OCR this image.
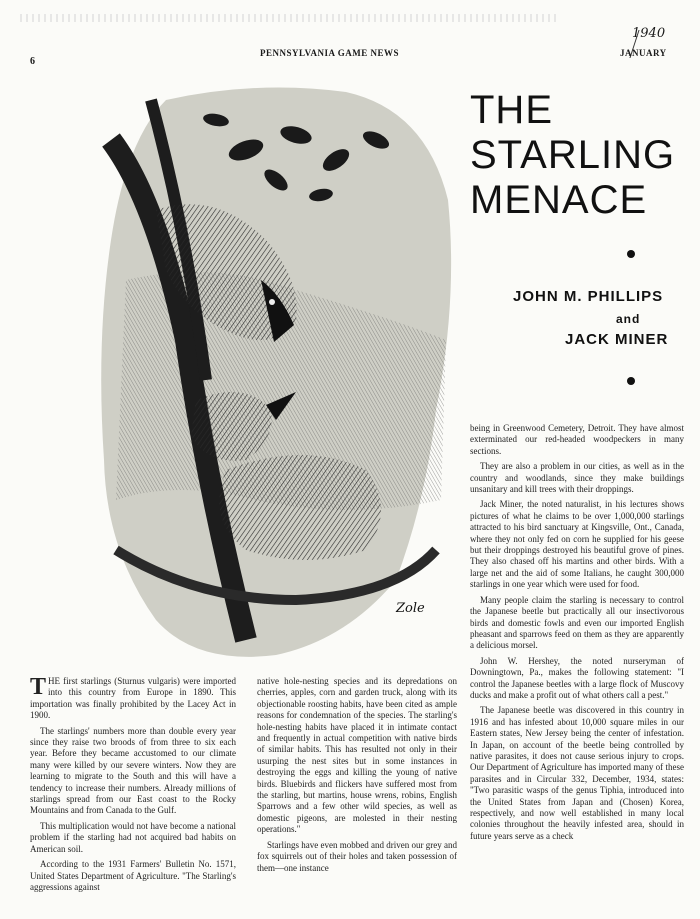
6
PENNSYLVANIA GAME NEWS
1940
JANUARY
Zole
THE
STARLING
MENACE
JOHN M. PHILLIPS
and
JACK MINER

being in Greenwood Cemetery, Detroit. They have almost exterminated our red-headed woodpeckers in many sections.

They are also a problem in our cities, as well as in the country and woodlands, since they make buildings unsanitary and kill trees with their droppings.

Jack Miner, the noted naturalist, in his lectures shows pictures of what he claims to be over 1,000,000 starlings attracted to his bird sanctuary at Kingsville, Ont., Canada, where they not only fed on corn he supplied for his geese but their droppings destroyed his beautiful grove of pines. They also chased off his martins and other birds. With a large net and the aid of some Italians, he caught 300,000 starlings in one year which were used for food.

Many people claim the starling is necessary to control the Japanese beetle but practically all our insectivorous birds and domestic fowls and even our imported English pheasant and sparrows feed on them as they are apparently a delicious morsel.

John W. Hershey, the noted nurseryman of Downingtown, Pa., makes the following statement: "I control the Japanese beetles with a large flock of Muscovy ducks and make a profit out of what others call a pest."

The Japanese beetle was discovered in this country in 1916 and has infested about 10,000 square miles in our Eastern states, New Jersey being the center of infestation. In Japan, on account of the beetle being controlled by native parasites, it does not cause serious injury to crops. Our Department of Agriculture has imported many of these parasites and in Circular 332, December, 1934, states: "Two parasitic wasps of the genus Tiphia, introduced into the United States from Japan and (Chosen) Korea, respectively, and now well established in many local colonies throughout the heavily infested area, should in future years serve as a check

THE first starlings (Sturnus vulgaris) were imported into this country from Europe in 1890. This importation was finally prohibited by the Lacey Act in 1900.

The starlings' numbers more than double every year since they raise two broods of from three to six each year. Before they became accustomed to our climate many were killed by our severe winters. Now they are learning to migrate to the South and this will have a tendency to increase their numbers. Already millions of starlings spread from our East coast to the Rocky Mountains and from Canada to the Gulf.

This multiplication would not have become a national problem if the starling had not acquired bad habits on American soil.

According to the 1931 Farmers' Bulletin No. 1571, United States Department of Agriculture. "The Starling's aggressions against

native hole-nesting species and its depredations on cherries, apples, corn and garden truck, along with its objectionable roosting habits, have been cited as ample reasons for condemnation of the species. The starling's hole-nesting habits have placed it in intimate contact and frequently in actual competition with native birds of similar habits. This has resulted not only in their usurping the nest sites but in some instances in destroying the eggs and killing the young of native birds. Bluebirds and flickers have suffered most from the starling, but martins, house wrens, robins, English Sparrows and a few other wild species, as well as domestic pigeons, are molested in their nesting operations."

Starlings have even mobbed and driven our grey and fox squirrels out of their holes and taken possession of them—one instance
